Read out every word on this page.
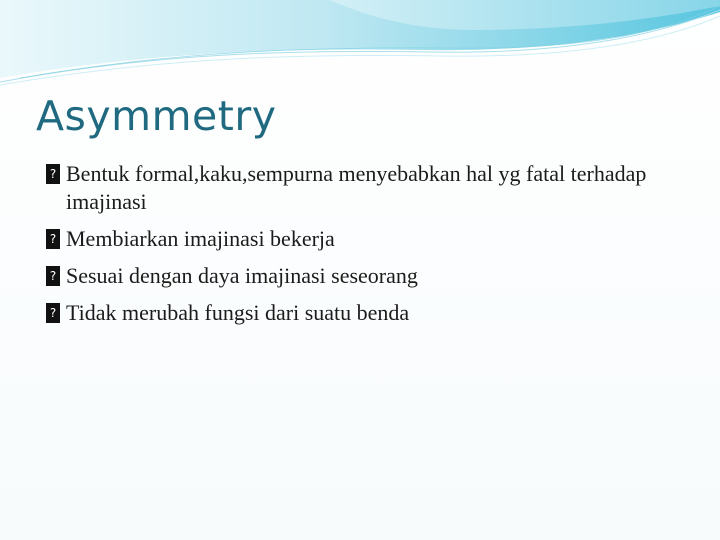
Asymmetry
? Bentuk formal,kaku,sempurna menyebabkan hal yg fatal terhadap imajinasi
? Membiarkan imajinasi bekerja
? Sesuai dengan daya imajinasi seseorang
? Tidak merubah fungsi dari suatu benda
